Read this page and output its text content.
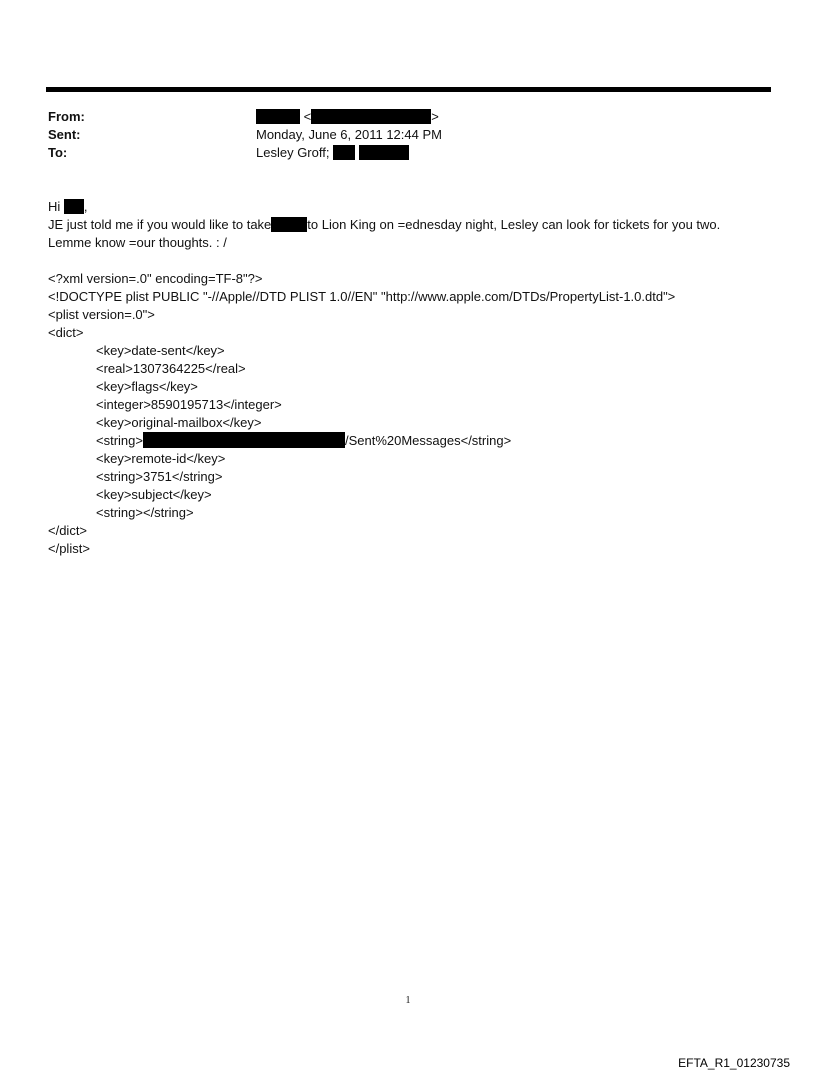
From:	<	>
Sent:	Monday, June 6, 2011 12:44 PM
To:	Lesley Groff;
Hi ,
JE just told me if you would like to take	to Lion King on =ednesday night, Lesley can look for tickets for you two.
Lemme know =our thoughts. : /
<?xml version=.0" encoding=TF-8"?>
<!DOCTYPE plist PUBLIC "-//Apple//DTD PLIST 1.0//EN" "http://www.apple.com/DTDs/PropertyList-1.0.dtd">
<plist version=.0">
<dict>
<key>date-sent</key>
<real>1307364225</real>
<key>flags</key>
<integer>8590195713</integer>
<key>original-mailbox</key>
<string>	/Sent%20Messages</string>
<key>remote-id</key>
<string>3751</string>
<key>subject</key>
<string></string>
</dict>
</plist>
1
EFTA_R1_01230735
